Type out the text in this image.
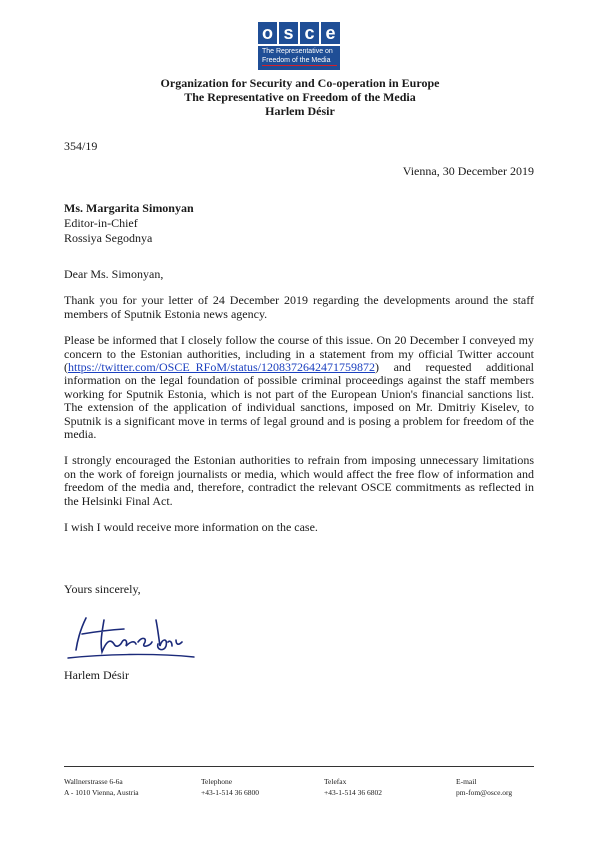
o s c e
The Representative on
Freedom of the Media
Organization for Security and Co-operation in Europe
The Representative on Freedom of the Media
Harlem Désir
354/19
Vienna, 30 December 2019
Ms. Margarita Simonyan
Editor-in-Chief
Rossiya Segodnya

Dear Ms. Simonyan,

Thank you for your letter of 24 December 2019 regarding the developments around the staff members of Sputnik Estonia news agency.

Please be informed that I closely follow the course of this issue. On 20 December I conveyed my concern to the Estonian authorities, including in a statement from my official Twitter account (https://twitter.com/OSCE_RFoM/status/1208372642471759872) and requested additional information on the legal foundation of possible criminal proceedings against the staff members working for Sputnik Estonia, which is not part of the European Union's financial sanctions list. The extension of the application of individual sanctions, imposed on Mr. Dmitriy Kiselev, to Sputnik is a significant move in terms of legal ground and is posing a problem for freedom of the media.

I strongly encouraged the Estonian authorities to refrain from imposing unnecessary limitations on the work of foreign journalists or media, which would affect the free flow of information and freedom of the media and, therefore, contradict the relevant OSCE commitments as reflected in the Helsinki Final Act.

I wish I would receive more information on the case.

Yours sincerely,
Harlem Désir
Wallnerstrasse 6-6a
A - 1010 Vienna, Austria
Telephone
+43-1-514 36 6800
Telefax
+43-1-514 36 6802
E-mail
pm-fom@osce.org
